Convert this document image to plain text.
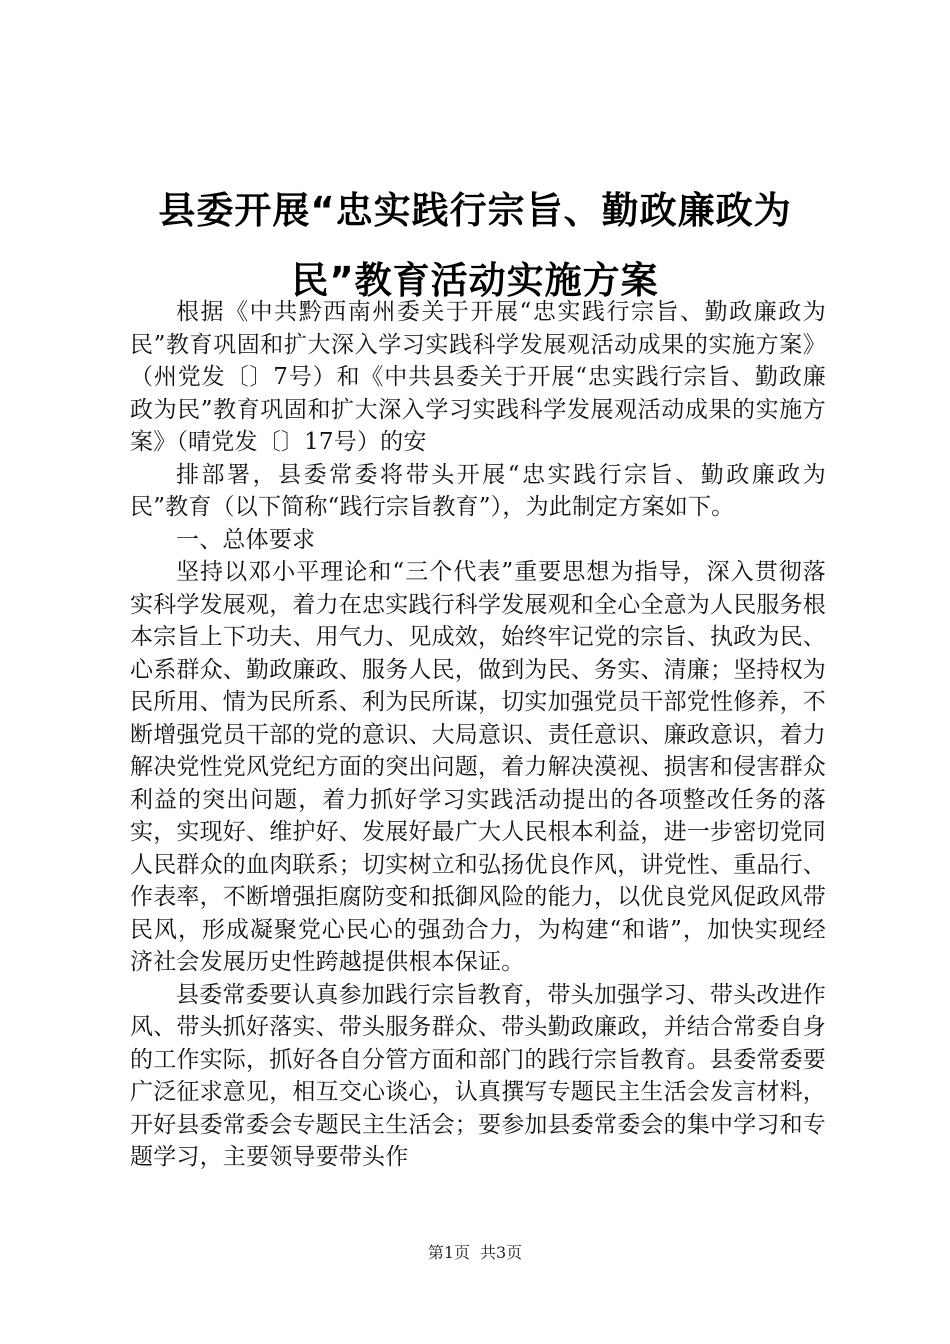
县委开展“忠实践行宗旨、勤政廉政为民”教育活动实施方案

根据《中共黔西南州委关于开展“忠实践行宗旨、勤政廉政为民”教育巩固和扩大深入学习实践科学发展观活动成果的实施方案》（州党发〔〕7号）和《中共县委关于开展“忠实践行宗旨、勤政廉政为民”教育巩固和扩大深入学习实践科学发展观活动成果的实施方案》（晴党发〔〕17号）的安

排部署，县委常委将带头开展“忠实践行宗旨、勤政廉政为民”教育（以下简称“践行宗旨教育”），为此制定方案如下。

一、总体要求

坚持以邓小平理论和“三个代表”重要思想为指导，深入贯彻落实科学发展观，着力在忠实践行科学发展观和全心全意为人民服务根本宗旨上下功夫、用气力、见成效，始终牢记党的宗旨、执政为民、心系群众、勤政廉政、服务人民，做到为民、务实、清廉；坚持权为民所用、情为民所系、利为民所谋，切实加强党员干部党性修养，不断增强党员干部的党的意识、大局意识、责任意识、廉政意识，着力解决党性党风党纪方面的突出问题，着力解决漠视、损害和侵害群众利益的突出问题，着力抓好学习实践活动提出的各项整改任务的落实，实现好、维护好、发展好最广大人民根本利益，进一步密切党同人民群众的血肉联系；切实树立和弘扬优良作风，讲党性、重品行、作表率，不断增强拒腐防变和抵御风险的能力，以优良党风促政风带民风，形成凝聚党心民心的强劲合力，为构建“和谐”，加快实现经济社会发展历史性跨越提供根本保证。

县委常委要认真参加践行宗旨教育，带头加强学习、带头改进作风、带头抓好落实、带头服务群众、带头勤政廉政，并结合常委自身的工作实际，抓好各自分管方面和部门的践行宗旨教育。县委常委要广泛征求意见，相互交心谈心，认真撰写专题民主生活会发言材料，开好县委常委会专题民主生活会；要参加县委常委会的集中学习和专题学习，主要领导要带头作

第1页 共3页
